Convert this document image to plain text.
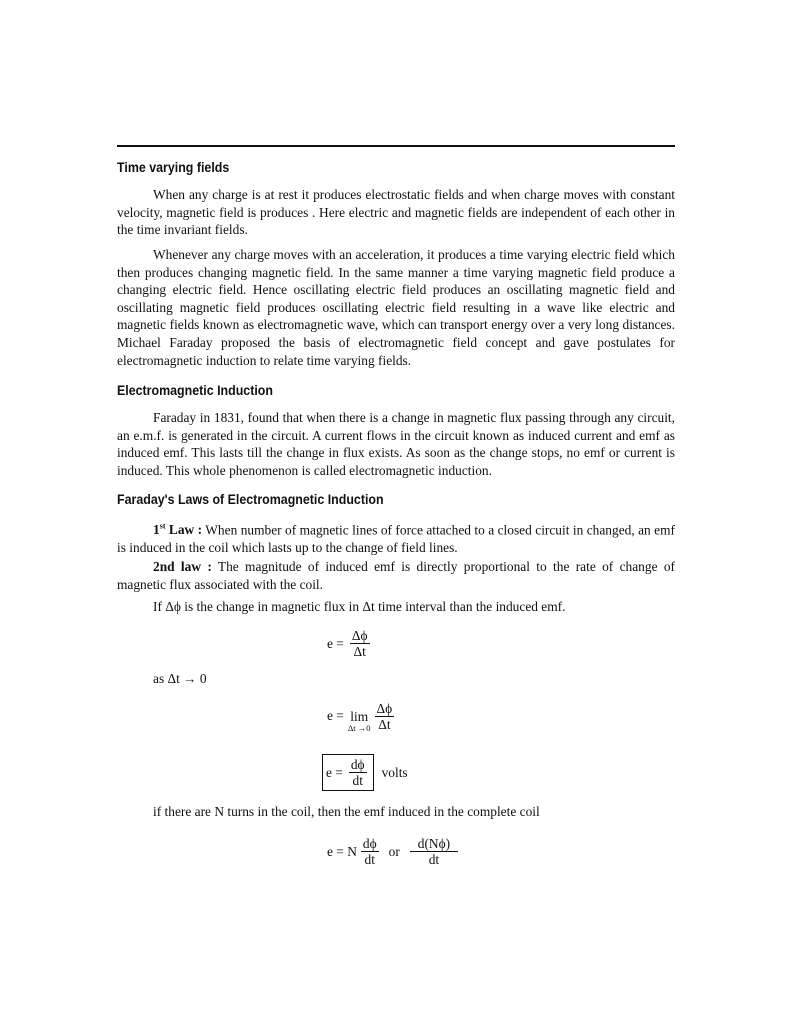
Time varying fields

When any charge is at rest it produces electrostatic fields and when charge moves with constant velocity, magnetic field is produces . Here electric and magnetic fields are independent of each other in the time invariant fields.

Whenever any charge moves with an acceleration, it produces a time varying electric field which then produces changing magnetic field. In the same manner a time varying magnetic field produce a changing electric field. Hence oscillating electric field produces an oscillating magnetic field and oscillating magnetic field produces oscillating electric field resulting in a wave like electric and magnetic fields known as electromagnetic wave, which can transport energy over a very long distances. Michael Faraday proposed the basis of electromagnetic field concept and gave postulates for electromagnetic induction to relate time varying fields.

Electromagnetic Induction

Faraday in 1831, found that when there is a change in magnetic flux passing through any circuit, an e.m.f. is generated in the circuit. A current flows in the circuit known as induced current and emf as induced emf. This lasts till the change in flux exists. As soon as the change stops, no emf or current is induced. This whole phenomenon is called electromagnetic induction.

Faraday's Laws of Electromagnetic Induction

1st Law : When number of magnetic lines of force attached to a closed circuit in changed, an emf is induced in the coil which lasts up to the change of field lines.

2nd law : The magnitude of induced emf is directly proportional to the rate of change of magnetic flux associated with the coil.

If Δϕ is the change in magnetic flux in Δt time interval than the induced emf.

$e = \frac{\Delta\phi}{\Delta t}$
as Δt → 0
e = lim
$\Delta t \to 0 \frac{\Delta\phi}{\Delta t}$
$e = \frac{d\phi}{dt}$ volts

if there are N turns in the coil, then the emf induced in the complete coil

e = N $\frac{d\phi}{dt}$ or $\frac{d(N\phi)}{dt}$
